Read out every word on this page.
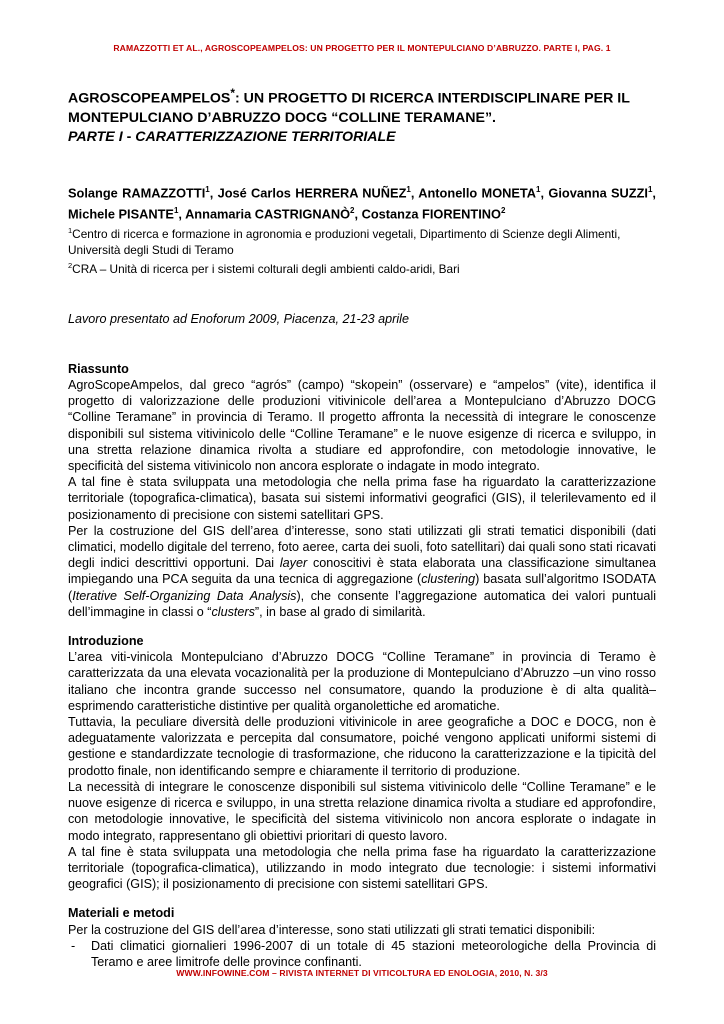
RAMAZZOTTI ET AL., AGROSCOPEAMPELOS: UN PROGETTO PER IL MONTEPULCIANO D’ABRUZZO. PARTE I, PAG. 1

AGROSCOPEAMPELOS*: UN PROGETTO DI RICERCA INTERDISCIPLINARE PER IL MONTEPULCIANO D’ABRUZZO DOCG “COLLINE TERAMANE”.

PARTE I - CARATTERIZZAZIONE TERRITORIALE

Solange RAMAZZOTTI$^1$, José Carlos HERRERA NUÑEZ$^1$, Antonello MONETA$^1$, Giovanna SUZZI$^1$, Michele PISANTE$^1$, Annamaria CASTRIGNANÒ$^2$, Costanza FIORENTINO$^2$
$^1$Centro di ricerca e formazione in agronomia e produzioni vegetali, Dipartimento di Scienze degli Alimenti, Università degli Studi di Teramo
$^2$CRA – Unità di ricerca per i sistemi colturali degli ambienti caldo-aridi, Bari
Lavoro presentato ad Enoforum 2009, Piacenza, 21-23 aprile
Riassunto
AgroScopeAmpelos, dal greco “agrós” (campo) “skopein” (osservare) e “ampelos” (vite), identifica il progetto di valorizzazione delle produzioni vitivinicole dell’area a Montepulciano d’Abruzzo DOCG “Colline Teramane” in provincia di Teramo. Il progetto affronta la necessità di integrare le conoscenze disponibili sul sistema vitivinicolo delle “Colline Teramane” e le nuove esigenze di ricerca e sviluppo, in una stretta relazione dinamica rivolta a studiare ed approfondire, con metodologie innovative, le specificità del sistema vitivinicolo non ancora esplorate o indagate in modo integrato.
A tal fine è stata sviluppata una metodologia che nella prima fase ha riguardato la caratterizzazione territoriale (topografica-climatica), basata sui sistemi informativi geografici (GIS), il telerilevamento ed il posizionamento di precisione con sistemi satellitari GPS.
Per la costruzione del GIS dell’area d’interesse, sono stati utilizzati gli strati tematici disponibili (dati climatici, modello digitale del terreno, foto aeree, carta dei suoli, foto satellitari) dai quali sono stati ricavati degli indici descrittivi opportuni. Dai layer conoscitivi è stata elaborata una classificazione simultanea impiegando una PCA seguita da una tecnica di aggregazione (clustering) basata sull’algoritmo ISODATA (Iterative Self-Organizing Data Analysis), che consente l’aggregazione automatica dei valori puntuali dell’immagine in classi o “clusters”, in base al grado di similarità.
Introduzione
L’area viti-vinicola Montepulciano d’Abruzzo DOCG “Colline Teramane” in provincia di Teramo è caratterizzata da una elevata vocazionalità per la produzione di Montepulciano d’Abruzzo –un vino rosso italiano che incontra grande successo nel consumatore, quando la produzione è di alta qualità– esprimendo caratteristiche distintive per qualità organolettiche ed aromatiche.
Tuttavia, la peculiare diversità delle produzioni vitivinicole in aree geografiche a DOC e DOCG, non è adeguatamente valorizzata e percepita dal consumatore, poiché vengono applicati uniformi sistemi di gestione e standardizzate tecnologie di trasformazione, che riducono la caratterizzazione e la tipicità del prodotto finale, non identificando sempre e chiaramente il territorio di produzione.
La necessità di integrare le conoscenze disponibili sul sistema vitivinicolo delle “Colline Teramane” e le nuove esigenze di ricerca e sviluppo, in una stretta relazione dinamica rivolta a studiare ed approfondire, con metodologie innovative, le specificità del sistema vitivinicolo non ancora esplorate o indagate in modo integrato, rappresentano gli obiettivi prioritari di questo lavoro.
A tal fine è stata sviluppata una metodologia che nella prima fase ha riguardato la caratterizzazione territoriale (topografica-climatica), utilizzando in modo integrato due tecnologie: i sistemi informativi geografici (GIS); il posizionamento di precisione con sistemi satellitari GPS.
Materiali e metodi
Per la costruzione del GIS dell’area d’interesse, sono stati utilizzati gli strati tematici disponibili:
- Dati climatici giornalieri 1996-2007 di un totale di 45 stazioni meteorologiche della Provincia di Teramo e aree limitrofe delle province confinanti.
WWW.INFOWINE.COM – RIVISTA INTERNET DI VITICOLTURA ED ENOLOGIA, 2010, N. 3/3
